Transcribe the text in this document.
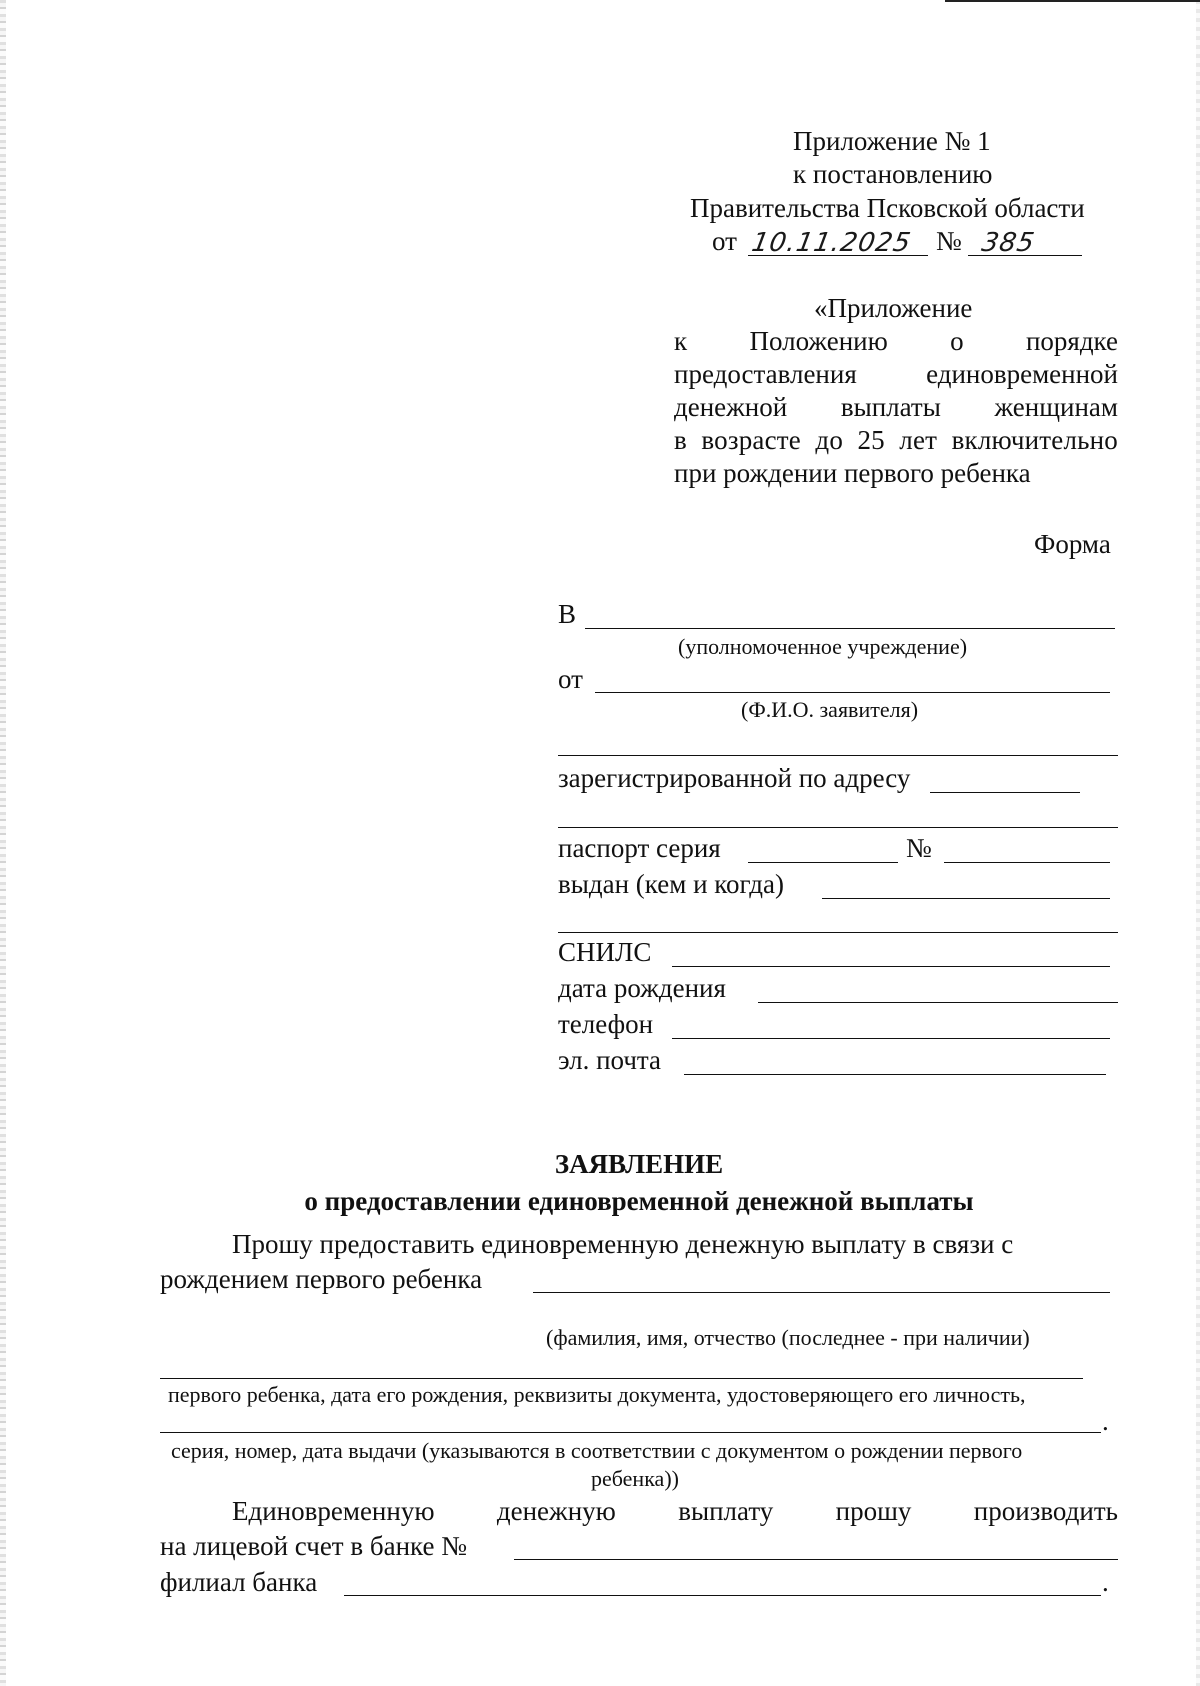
Приложение № 1
к постановлению
Правительства Псковской области
от 10.11.2025 № 385
«Приложение
к Положению о порядке
предоставления	единовременной
денежной выплаты женщинам
в возрасте до 25 лет включительно
при рождении первого ребенка
Форма
В
(уполномоченное учреждение)
от
(Ф.И.О. заявителя)
зарегистрированной по адресу
паспорт серия	№
выдан (кем и когда)
СНИЛС
дата рождения
телефон
эл. почта
ЗАЯВЛЕНИЕ
о предоставлении единовременной денежной выплаты
Прошу предоставить единовременную денежную выплату в связи с
рождением первого ребенка
(фамилия, имя, отчество (последнее - при наличии)
первого ребенка, дата его рождения, реквизиты документа, удостоверяющего его личность,
.
серия, номер, дата выдачи (указываются в соответствии с документом о рождении первого
ребенка))
Единовременную денежную выплату прошу производить
на лицевой счет в банке №
филиал банка	.
